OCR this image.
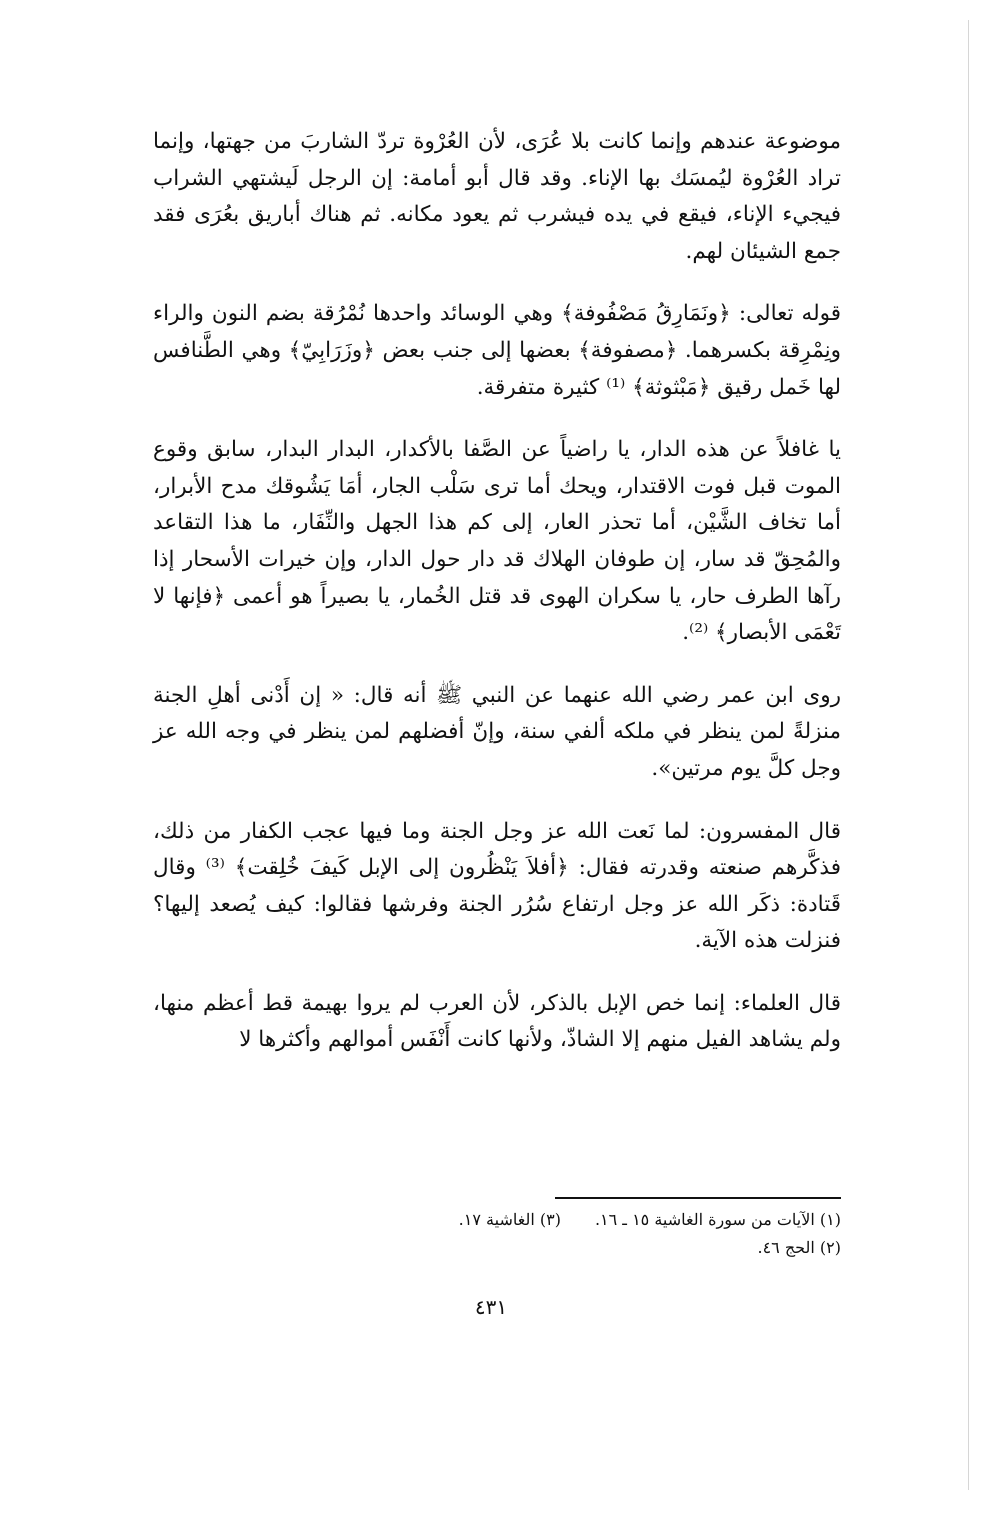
موضوعة عندهم وإنما كانت بلا عُرَى، لأن العُرْوة تردّ الشاربَ من جهتها، وإنما تراد العُرْوة ليُمسَك بها الإناء. وقد قال أبو أمامة: إن الرجل لَيشتهي الشراب فيجيء الإناء، فيقع في يده فيشرب ثم يعود مكانه. ثم هناك أباريق بعُرَى فقد جمع الشيئان لهم.

قوله تعالى: ﴿ونَمَارِقُ مَصْفُوفة﴾ وهي الوسائد واحدها نُمْرُقة بضم النون والراء ونِمْرِقة بكسرهما. ﴿مصفوفة﴾ بعضها إلى جنب بعض ﴿وزَرَابِيّ﴾ وهي الطَّنافس لها خَمل رقيق ﴿مَبْثوثة﴾ ⁽¹⁾ كثيرة متفرقة.

يا غافلاً عن هذه الدار، يا راضياً عن الصَّفا بالأكدار، البدار البدار، سابق وقوع الموت قبل فوت الاقتدار، ويحك أما ترى سَلْب الجار، أمَا يَشُوقك مدح الأبرار، أما تخاف الشَّيْن، أما تحذر العار، إلى كم هذا الجهل والنِّفَار، ما هذا التقاعد والمُحِقّ قد سار، إن طوفان الهلاك قد دار حول الدار، وإن خيرات الأسحار إذا رآها الطرف حار، يا سكران الهوى قد قتل الخُمار، يا بصيراً هو أعمى ﴿فإنها لا تَعْمَى الأبصار﴾ ⁽²⁾.

روى ابن عمر رضي الله عنهما عن النبي ﷺ أنه قال: « إن أَدْنى أهلِ الجنة منزلةً لمن ينظر في ملكه ألفي سنة، وإنّ أفضلهم لمن ينظر في وجه الله عز وجل كلَّ يوم مرتين».

قال المفسرون: لما نَعت الله عز وجل الجنة وما فيها عجب الكفار من ذلك، فذكَّرهم صنعته وقدرته فقال: ﴿أفلاَ يَنْظُرون إلى الإبل كَيفَ خُلِقت﴾ ⁽³⁾ وقال قَتادة: ذكَر الله عز وجل ارتفاع سُرُر الجنة وفرشها فقالوا: كيف يُصعد إليها؟ فنزلت هذه الآية.

قال العلماء: إنما خص الإبل بالذكر، لأن العرب لم يروا بهيمة قط أعظم منها، ولم يشاهد الفيل منهم إلا الشاذّ، ولأنها كانت أَنْفَس أموالهم وأكثرها لا

(١) الآيات من سورة الغاشية ١٥ ـ ١٦.(٣) الغاشية ١٧.
(٢) الحج ٤٦.
٤٣١
